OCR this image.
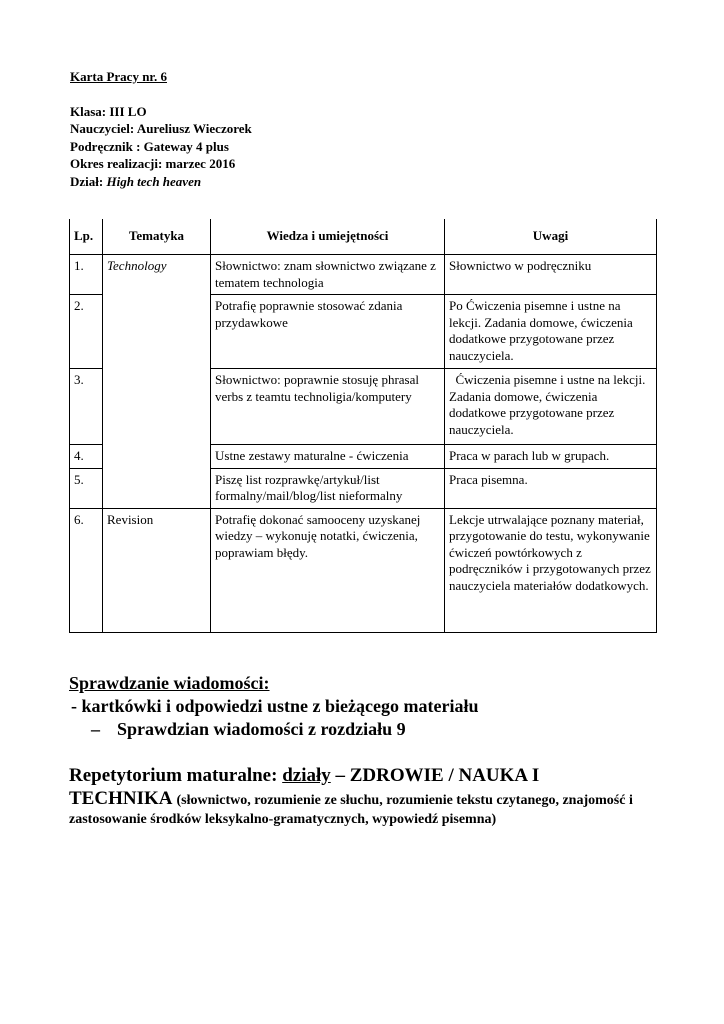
Karta Pracy nr. 6
Klasa: III LO
Nauczyciel: Aureliusz Wieczorek
Podręcznik : Gateway 4 plus
Okres realizacji: marzec 2016
Dział: High tech heaven
Lp.	Tematyka	Wiedza i umiejętności	Uwagi
1.	Technology	Słownictwo: znam słownictwo związane z tematem technologia	Słownictwo w podręczniku
2.		Potrafię poprawnie stosować zdania przydawkowe	Po Ćwiczenia pisemne i ustne na lekcji. Zadania domowe, ćwiczenia dodatkowe przygotowane przez nauczyciela.
3.		Słownictwo: poprawnie stosuję phrasal verbs z teamtu technoligia/komputery	Ćwiczenia pisemne i ustne na lekcji. Zadania domowe, ćwiczenia dodatkowe przygotowane przez nauczyciela.
4.		Ustne zestawy maturalne - ćwiczenia	Praca w parach lub w grupach.
5.		Piszę list rozprawkę/artykuł/list formalny/mail/blog/list nieformalny	Praca pisemna.
6.	Revision	Potrafię dokonać samooceny uzyskanej wiedzy – wykonuję notatki, ćwiczenia, poprawiam błędy.	Lekcje utrwalające poznany materiał, przygotowanie do testu, wykonywanie ćwiczeń powtórkowych z podręczników i przygotowanych przez nauczyciela materiałów dodatkowych.
Sprawdzanie wiadomości:
- kartkówki i odpowiedzi ustne z bieżącego materiału
– Sprawdzian wiadomości z rozdziału 9
Repetytorium maturalne: działy – ZDROWIE / NAUKA I
TECHNIKA (słownictwo, rozumienie ze słuchu, rozumienie tekstu czytanego, znajomość i zastosowanie środków leksykalno-gramatycznych, wypowiedź pisemna)
